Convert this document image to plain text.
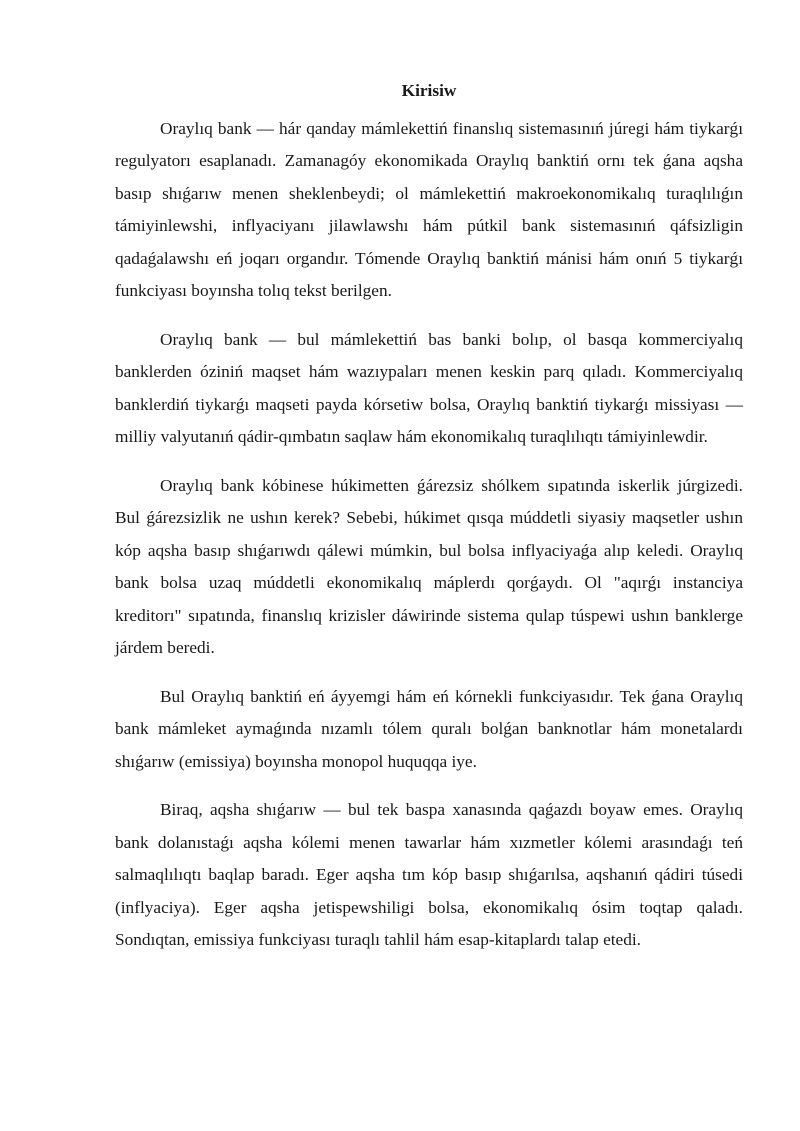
Kirisiw

Oraylıq bank — hár qanday mámlekettiń finanslıq sistemasınıń júregi hám tiykarǵı regulyatorı esaplanadı. Zamanagóy ekonomikada Oraylıq banktiń ornı tek ǵana aqsha basıp shıǵarıw menen sheklenbeydi; ol mámlekettiń makroekonomikalıq turaqlılıǵın támiyinlewshi, inflyaciyanı jilawlawshı hám pútkil bank sistemasınıń qáfsizligin qadaǵalawshı eń joqarı organdır. Tómende Oraylıq banktiń mánisi hám onıń 5 tiykarǵı funkciyası boyınsha tolıq tekst berilgen.

Oraylıq bank — bul mámlekettiń bas banki bolıp, ol basqa kommerciyalıq banklerden óziniń maqset hám wazıypaları menen keskin parq qıladı. Kommerciyalıq banklerdiń tiykarǵı maqseti payda kórsetiw bolsa, Oraylıq banktiń tiykarǵı missiyası — milliy valyutanıń qádir-qımbatın saqlaw hám ekonomikalıq turaqlılıqtı támiyinlewdir.

Oraylıq bank kóbinese húkimetten ǵárezsiz shólkem sıpatında iskerlik júrgizedi. Bul ǵárezsizlik ne ushın kerek? Sebebi, húkimet qısqa múddetli siyasiy maqsetler ushın kóp aqsha basıp shıǵarıwdı qálewi múmkin, bul bolsa inflyaciyaǵa alıp keledi. Oraylıq bank bolsa uzaq múddetli ekonomikalıq máplerdı qorǵaydı. Ol "aqırǵı instanciya kreditorı" sıpatında, finanslıq krizisler dáwirinde sistema qulap túspewi ushın banklerge járdem beredi.

Bul Oraylıq banktiń eń áyyemgi hám eń kórnekli funkciyasıdır. Tek ǵana Oraylıq bank mámleket aymaǵında nızamlı tólem quralı bolǵan banknotlar hám monetalardı shıǵarıw (emissiya) boyınsha monopol huquqqa iye.

Biraq, aqsha shıǵarıw — bul tek baspa xanasında qaǵazdı boyaw emes. Oraylıq bank dolanıstaǵı aqsha kólemi menen tawarlar hám xızmetler kólemi arasındaǵı teń salmaqlılıqtı baqlap baradı. Eger aqsha tım kóp basıp shıǵarılsa, aqshanıń qádiri túsedi (inflyaciya). Eger aqsha jetispewshiligi bolsa, ekonomikalıq ósim toqtap qaladı. Sondıqtan, emissiya funkciyası turaqlı tahlil hám esap-kitaplardı talap etedi.
